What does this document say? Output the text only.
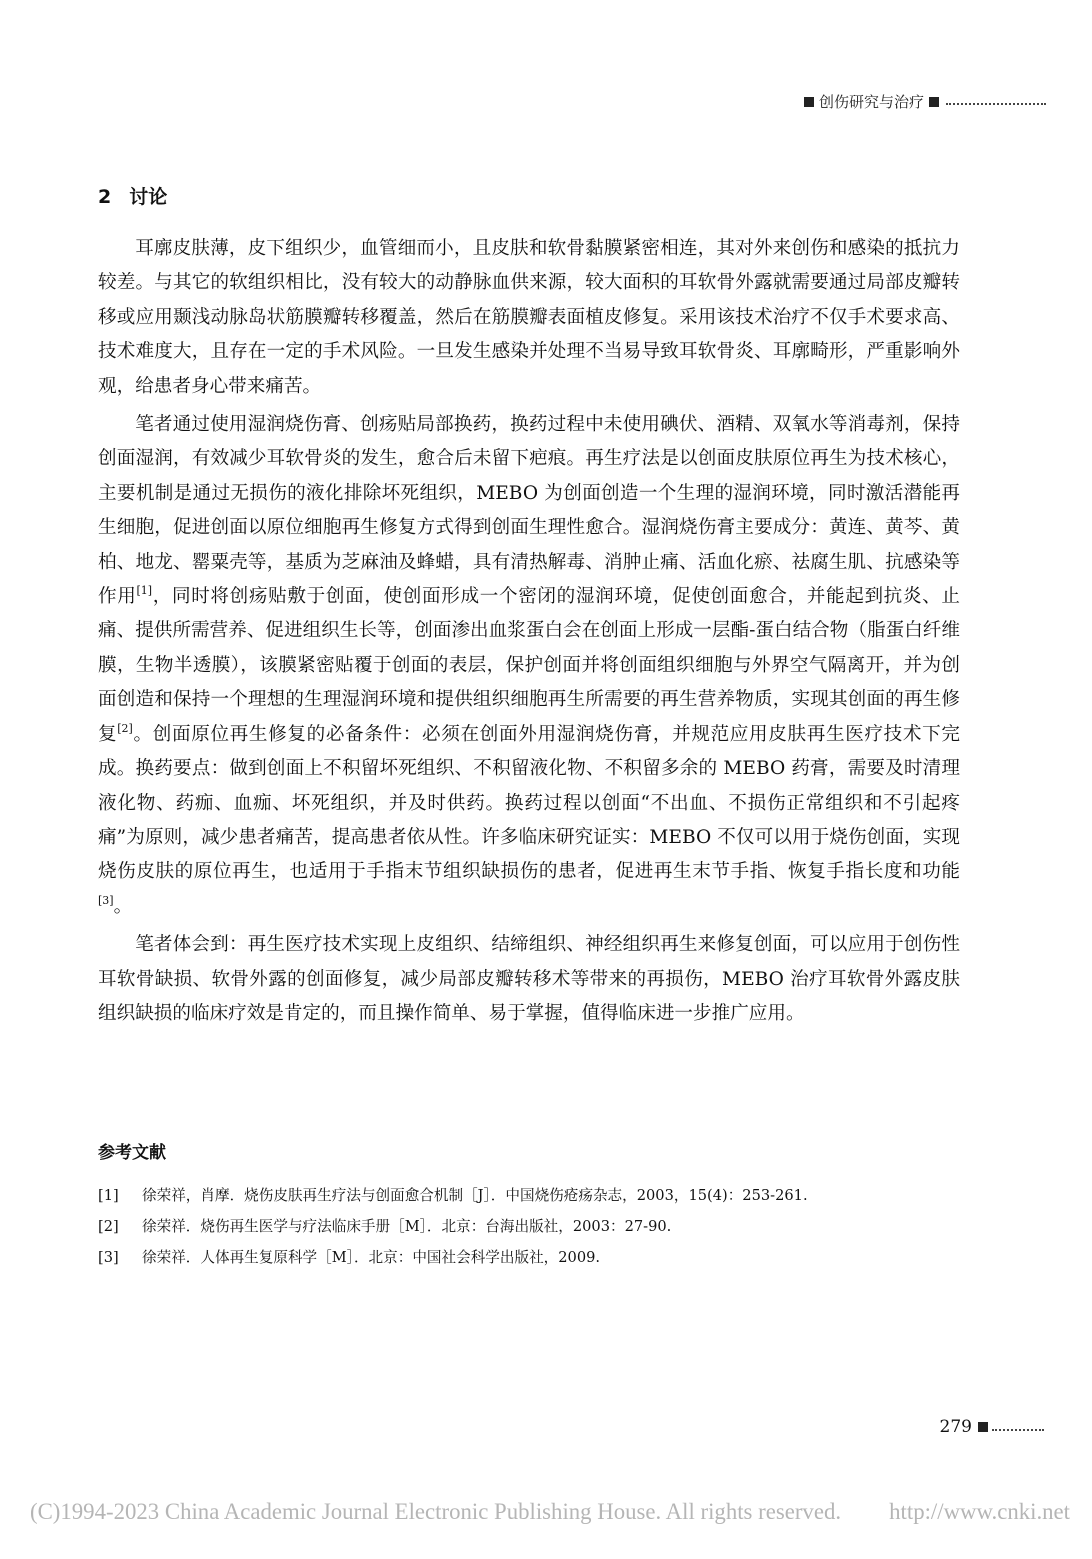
创伤研究与治疗
2 讨论

耳廓皮肤薄，皮下组织少，血管细而小，且皮肤和软骨黏膜紧密相连，其对外来创伤和感染的抵抗力较差。与其它的软组织相比，没有较大的动静脉血供来源，较大面积的耳软骨外露就需要通过局部皮瓣转移或应用颞浅动脉岛状筋膜瓣转移覆盖，然后在筋膜瓣表面植皮修复。采用该技术治疗不仅手术要求高、技术难度大，且存在一定的手术风险。一旦发生感染并处理不当易导致耳软骨炎、耳廓畸形，严重影响外观，给患者身心带来痛苦。

笔者通过使用湿润烧伤膏、创疡贴局部换药，换药过程中未使用碘伏、酒精、双氧水等消毒剂，保持创面湿润，有效减少耳软骨炎的发生，愈合后未留下疤痕。再生疗法是以创面皮肤原位再生为技术核心，主要机制是通过无损伤的液化排除坏死组织，MEBO 为创面创造一个生理的湿润环境，同时激活潜能再生细胞，促进创面以原位细胞再生修复方式得到创面生理性愈合。湿润烧伤膏主要成分：黄连、黄芩、黄柏、地龙、罂粟壳等，基质为芝麻油及蜂蜡，具有清热解毒、消肿止痛、活血化瘀、祛腐生肌、抗感染等作用[1]，同时将创疡贴敷于创面，使创面形成一个密闭的湿润环境，促使创面愈合，并能起到抗炎、止痛、提供所需营养、促进组织生长等，创面渗出血浆蛋白会在创面上形成一层酯-蛋白结合物（脂蛋白纤维膜，生物半透膜），该膜紧密贴覆于创面的表层，保护创面并将创面组织细胞与外界空气隔离开，并为创面创造和保持一个理想的生理湿润环境和提供组织细胞再生所需要的再生营养物质，实现其创面的再生修复[2]。创面原位再生修复的必备条件：必须在创面外用湿润烧伤膏，并规范应用皮肤再生医疗技术下完成。换药要点：做到创面上不积留坏死组织、不积留液化物、不积留多余的 MEBO 药膏，需要及时清理液化物、药痂、血痂、坏死组织，并及时供药。换药过程以创面“不出血、不损伤正常组织和不引起疼痛”为原则，减少患者痛苦，提高患者依从性。许多临床研究证实：MEBO 不仅可以用于烧伤创面，实现烧伤皮肤的原位再生，也适用于手指末节组织缺损伤的患者，促进再生末节手指、恢复手指长度和功能[3]。

笔者体会到：再生医疗技术实现上皮组织、结缔组织、神经组织再生来修复创面，可以应用于创伤性耳软骨缺损、软骨外露的创面修复，减少局部皮瓣转移术等带来的再损伤，MEBO 治疗耳软骨外露皮肤组织缺损的临床疗效是肯定的，而且操作简单、易于掌握，值得临床进一步推广应用。

参考文献
[1]	徐荣祥，肖摩．烧伤皮肤再生疗法与创面愈合机制［J］．中国烧伤疮疡杂志，2003，15(4)：253-261.
[2]	徐荣祥．烧伤再生医学与疗法临床手册［M］．北京：台海出版社，2003：27-90.
[3]	徐荣祥．人体再生复原科学［M］．北京：中国社会科学出版社，2009.
279
(C)1994-2023 China Academic Journal Electronic Publishing House. All rights reserved. http://www.cnki.net
